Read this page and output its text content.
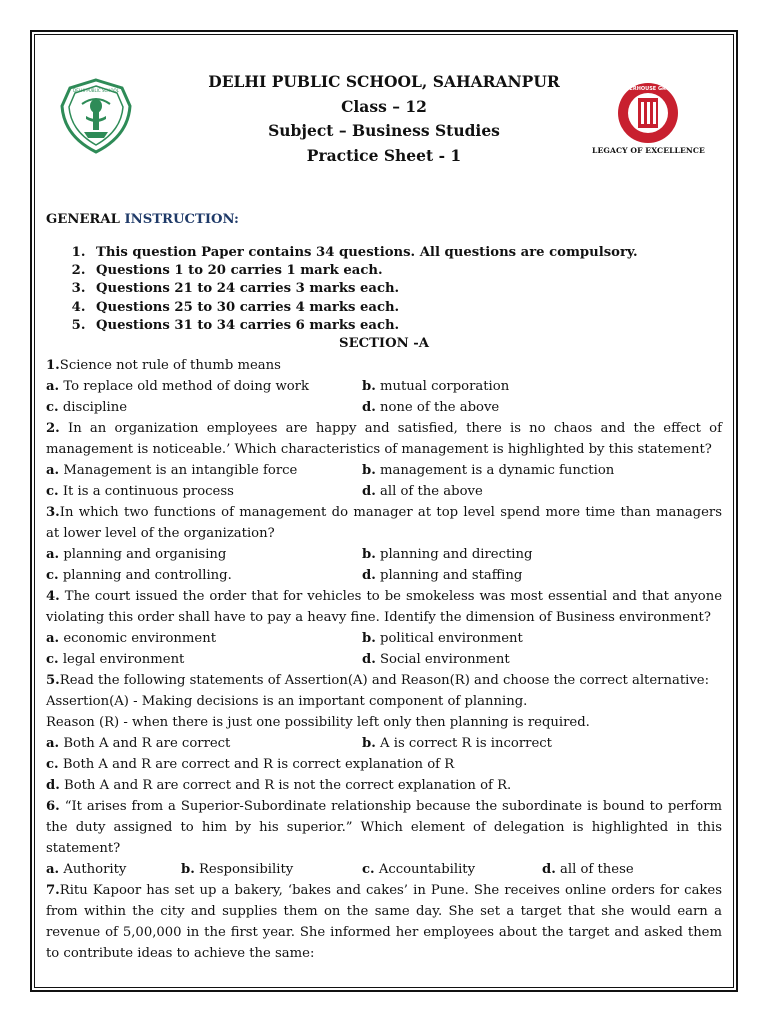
DELHI PUBLIC SCHOOL	DELHI PUBLIC SCHOOL, SAHARANPUR
Class – 12
Subject – Business Studies
Practice Sheet - 1
SUPERHOUSE GROUP
LEGACY OF EXCELLENCE
GENERAL INSTRUCTION:
1. This question Paper contains 34 questions. All questions are compulsory.
2. Questions 1 to 20 carries 1 mark each.
3. Questions 21 to 24 carries 3 marks each.
4. Questions 25 to 30 carries 4 marks each.
5. Questions 31 to 34 carries 6 marks each.
SECTION -A
1.Science not rule of thumb means
a. To replace old method of doing work	b. mutual corporation
c. discipline	d. none of the above
2. In an organization employees are happy and satisfied, there is no chaos and the effect of management is noticeable.’ Which characteristics of management is highlighted by this statement?
a. Management is an intangible force	b. management is a dynamic function
c. It is a continuous process	d. all of the above
3.In which two functions of management do manager at top level spend more time than managers at lower level of the organization?
a. planning and organising	b. planning and directing
c. planning and controlling.	d. planning and staffing
4. The court issued the order that for vehicles to be smokeless was most essential and that anyone violating this order shall have to pay a heavy fine. Identify the dimension of Business environment?
a. economic environment	b. political environment
c. legal environment	d. Social environment
5.Read the following statements of Assertion(A) and Reason(R) and choose the correct alternative:
Assertion(A) - Making decisions is an important component of planning.
Reason (R) - when there is just one possibility left only then planning is required.
a. Both A and R are correct	b. A is correct R is incorrect
c. Both A and R are correct and R is correct explanation of R
d. Both A and R are correct and R is not the correct explanation of R.
6. “It arises from a Superior-Subordinate relationship because the subordinate is bound to perform the duty assigned to him by his superior.” Which element of delegation is highlighted in this statement?
a. Authority	b. Responsibility	c. Accountability	d. all of these
7.Ritu Kapoor has set up a bakery, ‘bakes and cakes’ in Pune. She receives online orders for cakes from within the city and supplies them on the same day. She set a target that she would earn a revenue of 5,00,000 in the first year. She informed her employees about the target and asked them to contribute ideas to achieve the same:
